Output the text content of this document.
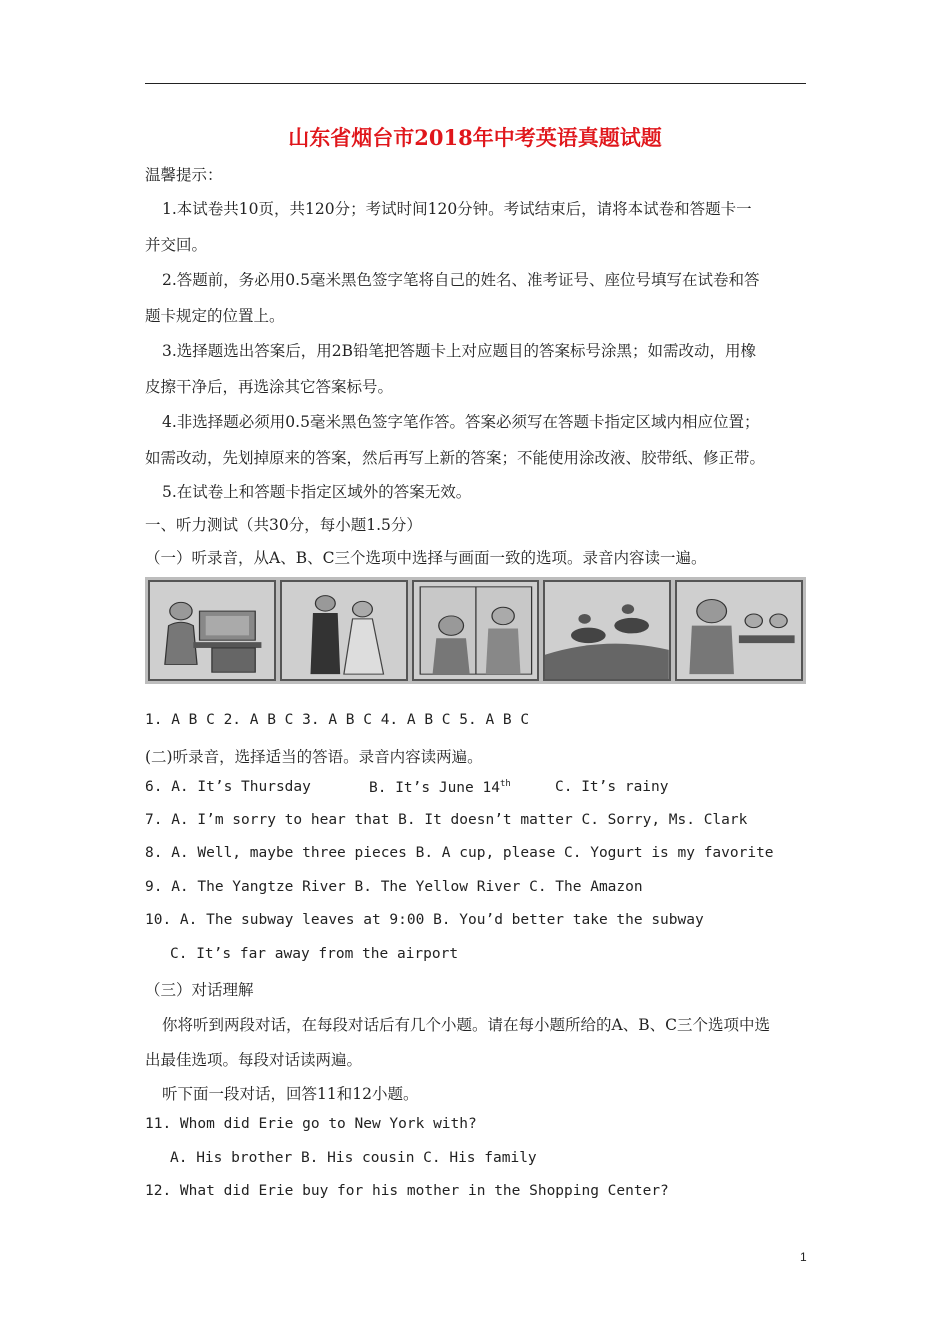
山东省烟台市2018年中考英语真题试题
温馨提示：
1.本试卷共10页，共120分；考试时间120分钟。考试结束后，请将本试卷和答题卡一
并交回。
2.答题前，务必用0.5毫米黑色签字笔将自己的姓名、准考证号、座位号填写在试卷和答
题卡规定的位置上。
3.选择题选出答案后，用2B铅笔把答题卡上对应题目的答案标号涂黑；如需改动，用橡
皮擦干净后，再选涂其它答案标号。
4.非选择题必须用0.5毫米黑色签字笔作答。答案必须写在答题卡指定区域内相应位置；
如需改动，先划掉原来的答案，然后再写上新的答案；不能使用涂改液、胶带纸、修正带。
5.在试卷上和答题卡指定区域外的答案无效。
一、听力测试（共30分，每小题1.5分）
（一）听录音，从A、B、C三个选项中选择与画面一致的选项。录音内容读一遍。
1. A B C 2. A B C 3. A B C 4. A B C 5. A B C
(二)听录音，选择适当的答语。录音内容读两遍。
6. A. It’s Thursday	B. It’s June 14th	C. It’s rainy
7. A. I’m sorry to hear that B. It doesn’t matter C. Sorry, Ms. Clark
8. A. Well, maybe three pieces B. A cup, please C. Yogurt is my favorite
9. A. The Yangtze River B. The Yellow River C. The Amazon
10. A. The subway leaves at 9:00 B. You’d better take the subway
C. It’s far away from the airport
（三）对话理解
你将听到两段对话，在每段对话后有几个小题。请在每小题所给的A、B、C三个选项中选
出最佳选项。每段对话读两遍。
听下面一段对话，回答11和12小题。
11. Whom did Erie go to New York with?
A. His brother B. His cousin C. His family
12. What did Erie buy for his mother in the Shopping Center?
1
